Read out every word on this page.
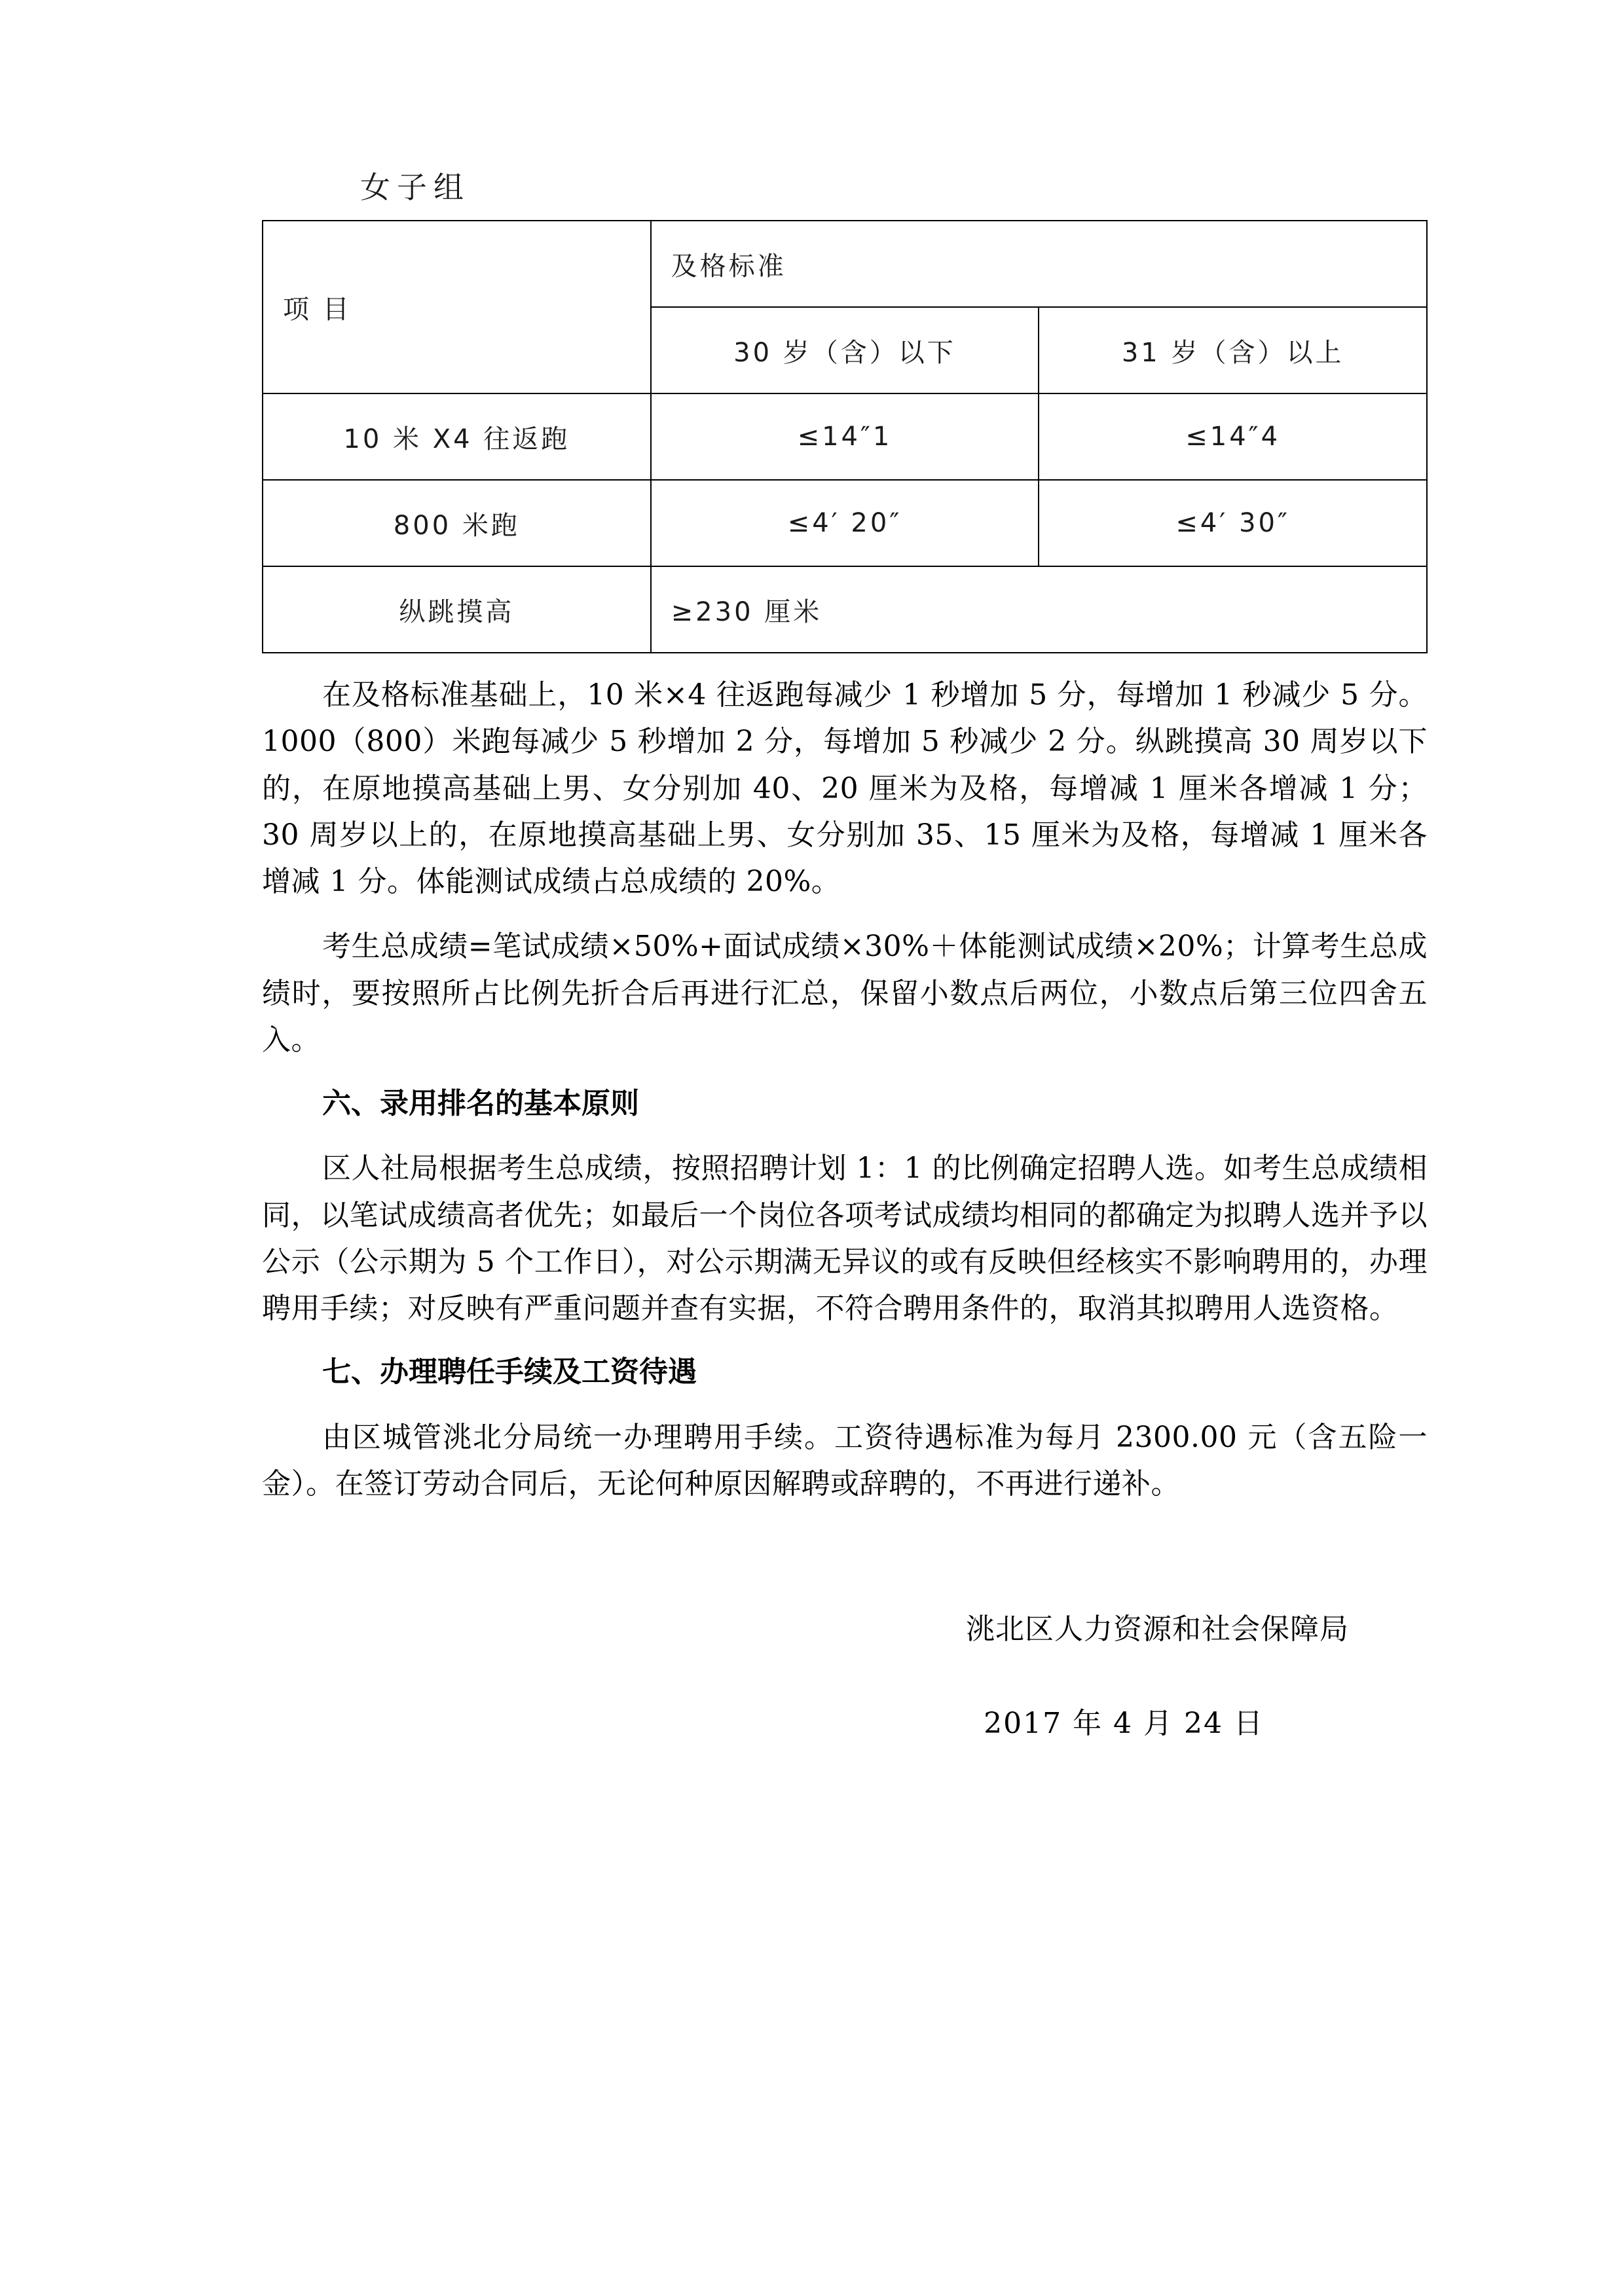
女子组
项 目	及格标准	
	30 岁（含）以下	31 岁（含）以上
10 米 X4 往返跑	≤14″1	≤14″4
800 米跑	≤4′ 20″	≤4′ 30″
纵跳摸高	≥230 厘米	

在及格标准基础上，10 米×4 往返跑每减少 1 秒增加 5 分，每增加 1 秒减少 5 分。1000（800）米跑每减少 5 秒增加 2 分，每增加 5 秒减少 2 分。纵跳摸高 30 周岁以下的，在原地摸高基础上男、女分别加 40、20 厘米为及格，每增减 1 厘米各增减 1 分；30 周岁以上的，在原地摸高基础上男、女分别加 35、15 厘米为及格，每增减 1 厘米各增减 1 分。体能测试成绩占总成绩的 20%。

考生总成绩=笔试成绩×50%+面试成绩×30%＋体能测试成绩×20%；计算考生总成绩时，要按照所占比例先折合后再进行汇总，保留小数点后两位，小数点后第三位四舍五入。

六、录用排名的基本原则

区人社局根据考生总成绩，按照招聘计划 1：1 的比例确定招聘人选。如考生总成绩相同，以笔试成绩高者优先；如最后一个岗位各项考试成绩均相同的都确定为拟聘人选并予以公示（公示期为 5 个工作日），对公示期满无异议的或有反映但经核实不影响聘用的，办理聘用手续；对反映有严重问题并查有实据，不符合聘用条件的，取消其拟聘用人选资格。

七、办理聘任手续及工资待遇

由区城管洮北分局统一办理聘用手续。工资待遇标准为每月 2300.00 元（含五险一金）。在签订劳动合同后，无论何种原因解聘或辞聘的，不再进行递补。

洮北区人力资源和社会保障局
2017 年 4 月 24 日
